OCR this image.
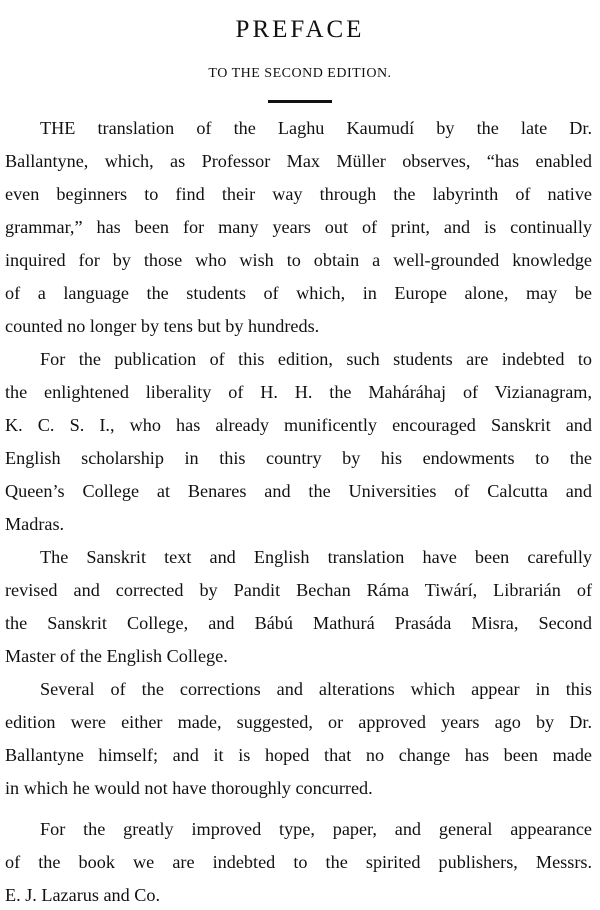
PREFACE

TO THE SECOND EDITION.

THE translation of the Laghu Kaumudí by the late Dr.
Ballantyne, which, as Professor Max Müller observes, “has enabled
even beginners to find their way through the labyrinth of native
grammar,” has been for many years out of print, and is continually
inquired for by those who wish to obtain a well-grounded knowledge
of a language the students of which, in Europe alone, may be
counted no longer by tens but by hundreds.
For the publication of this edition, such students are indebted to
the enlightened liberality of H. H. the Maháráhaj of Vizianagram,
K. C. S. I., who has already munificently encouraged Sanskrit and
English scholarship in this country by his endowments to the
Queen’s College at Benares and the Universities of Calcutta and
Madras.
The Sanskrit text and English translation have been carefully
revised and corrected by Pandit Bechan Ráma Tiwárí, Librarián of
the Sanskrit College, and Bábú Mathurá Prasáda Misra, Second
Master of the English College.
Several of the corrections and alterations which appear in this
edition were either made, suggested, or approved years ago by Dr.
Ballantyne himself; and it is hoped that no change has been made
in which he would not have thoroughly concurred.
For the greatly improved type, paper, and general appearance
of the book we are indebted to the spirited publishers, Messrs.
E. J. Lazarus and Co.
